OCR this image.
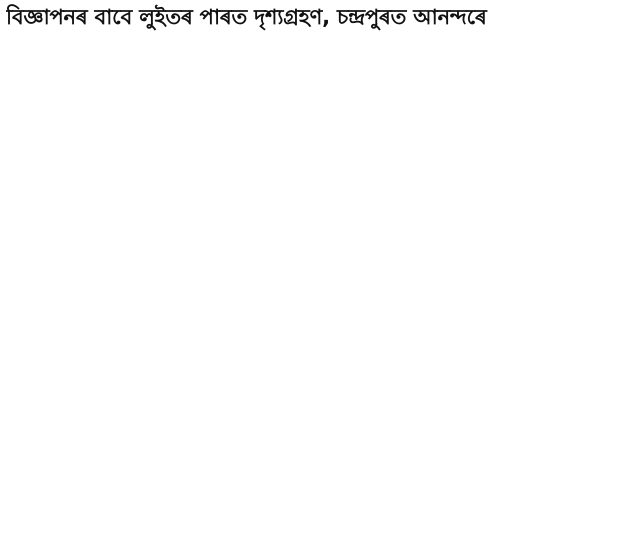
বিজ্ঞাপনৰ বাবে লুইতৰ পাৰত দৃশ্যগ্ৰহণ, চন্দ্ৰপুৰত আনন্দৰে
